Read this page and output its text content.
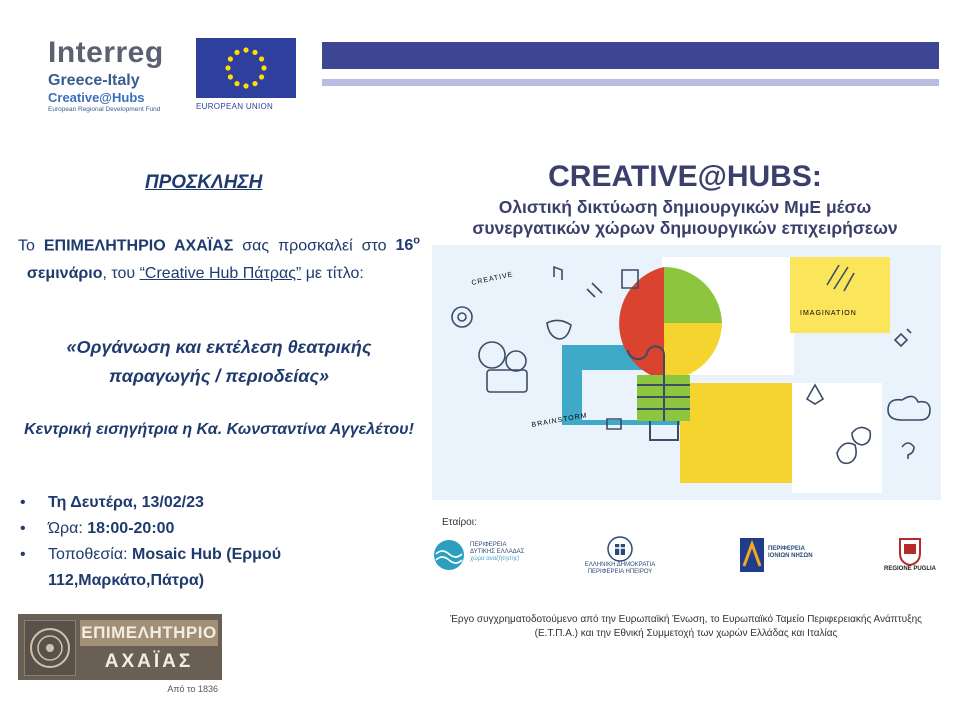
Interreg
Greece-Italy
Creative@Hubs
European Regional Development Fund	EUROPEAN UNION
ΠΡΟΣΚΛΗΣΗ
Το ΕΠΙΜΕΛΗΤΗΡΙΟ ΑΧΑΪΑΣ σας προσκαλεί στο $16^o$  σεμινάριο, του “Creative Hub Πάτρας” με τίτλο:
«Οργάνωση και εκτέλεση θεατρικής παραγωγής / περιοδείας»
Κεντρική εισηγήτρια η Κα. Κωνσταντίνα Αγγελέτου!
• Τη Δευτέρα, 13/02/23
• Ώρα: 18:00-20:00
• Τοποθεσία: Mosaic Hub (Ερμού 112,Μαρκάτο,Πάτρα)
ΕΠΙΜΕΛΗΤΗΡΙΟ
ΑΧΑΪΑΣ
Από το 1836
CREATIVE@HUBS:
Ολιστική δικτύωση δημιουργικών ΜμΕ μέσω
συνεργατικών χώρων δημιουργικών επιχειρήσεων
CREATIVE
IMAGINATION
BRAINSTORM
Εταίροι:
ΠΕΡΙΦΕΡΕΙΑ ΔΥΤΙΚΗΣ ΕΛΛΑΔΑΣ
χώρα αναζήτησης!
ΕΛΛΗΝΙΚΗ ΔΗΜΟΚΡΑΤΙΑ ΠΕΡΙΦΕΡΕΙΑ ΗΠΕΙΡΟΥ
ΠΕΡΙΦΕΡΕΙΑ ΙΟΝΙΩΝ ΝΗΣΩΝ
REGIONE PUGLIA
Έργο συγχρηματοδοτούμενο από την Ευρωπαϊκή Ένωση, το Ευρωπαϊκό Ταμείο Περιφερειακής Ανάπτυξης (Ε.Τ.Π.Α.) και την Εθνική Συμμετοχή των χωρών Ελλάδας και Ιταλίας
